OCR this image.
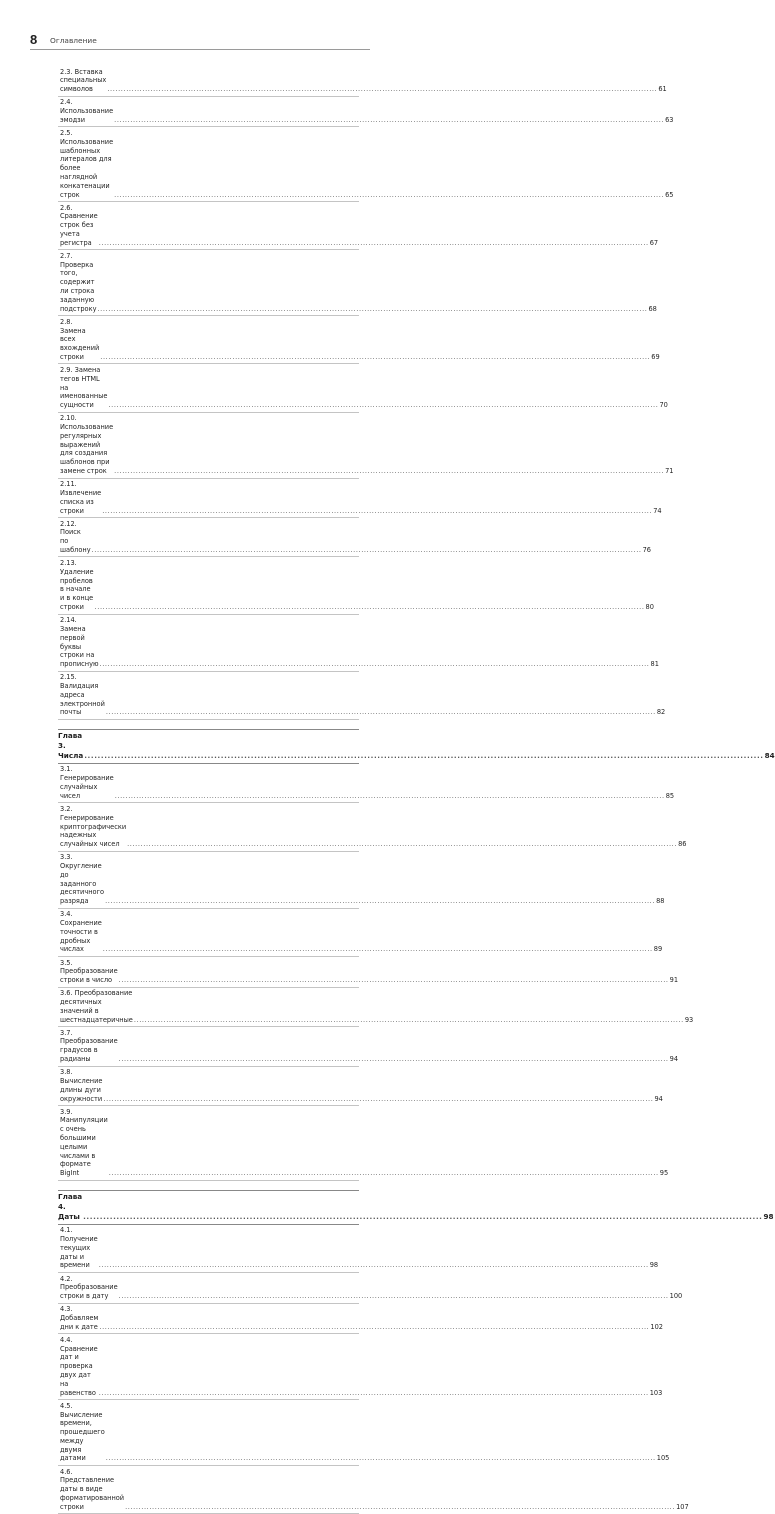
8 Оглавление
2.3. Вставка специальных символов .....	61
2.4. Использование эмодзи .....	63
2.5. Использование шаблонных литералов для более наглядной конкатенации строк .....	65
2.6. Сравнение строк без учета регистра .....	67
2.7. Проверка того, содержит ли строка заданную подстроку .....	68
2.8. Замена всех вхождений строки .....	69
2.9. Замена тегов HTML на именованные сущности .....	70
2.10. Использование регулярных выражений для создания шаблонов при замене строк .....	71
2.11. Извлечение списка из строки .....	74
2.12. Поиск по шаблону .....	76
2.13. Удаление пробелов в начале и в конце строки .....	80
2.14. Замена первой буквы строки на прописную .....	81
2.15. Валидация адреса электронной почты .....	82
Глава 3. Числа .....	84
3.1. Генерирование случайных чисел .....	85
3.2. Генерирование криптографически надежных случайных чисел .....	86
3.3. Округление до заданного десятичного разряда .....	88
3.4. Сохранение точности в дробных числах .....	89
3.5. Преобразование строки в число .....	91
3.6. Преобразование десятичных значений в шестнадцатеричные .....	93
3.7. Преобразование градусов в радианы .....	94
3.8. Вычисление длины дуги окружности .....	94
3.9. Манипуляции с очень большими целыми числами в формате BigInt .....	95
Глава 4. Даты .....	98
4.1. Получение текущих даты и времени .....	98
4.2. Преобразование строки в дату .....	100
4.3. Добавляем дни к дате .....	102
4.4. Сравнение дат и проверка двух дат на равенство .....	103
4.5. Вычисление времени, прошедшего между двумя датами .....	105
4.6. Представление даты в виде форматированной строки .....	107
